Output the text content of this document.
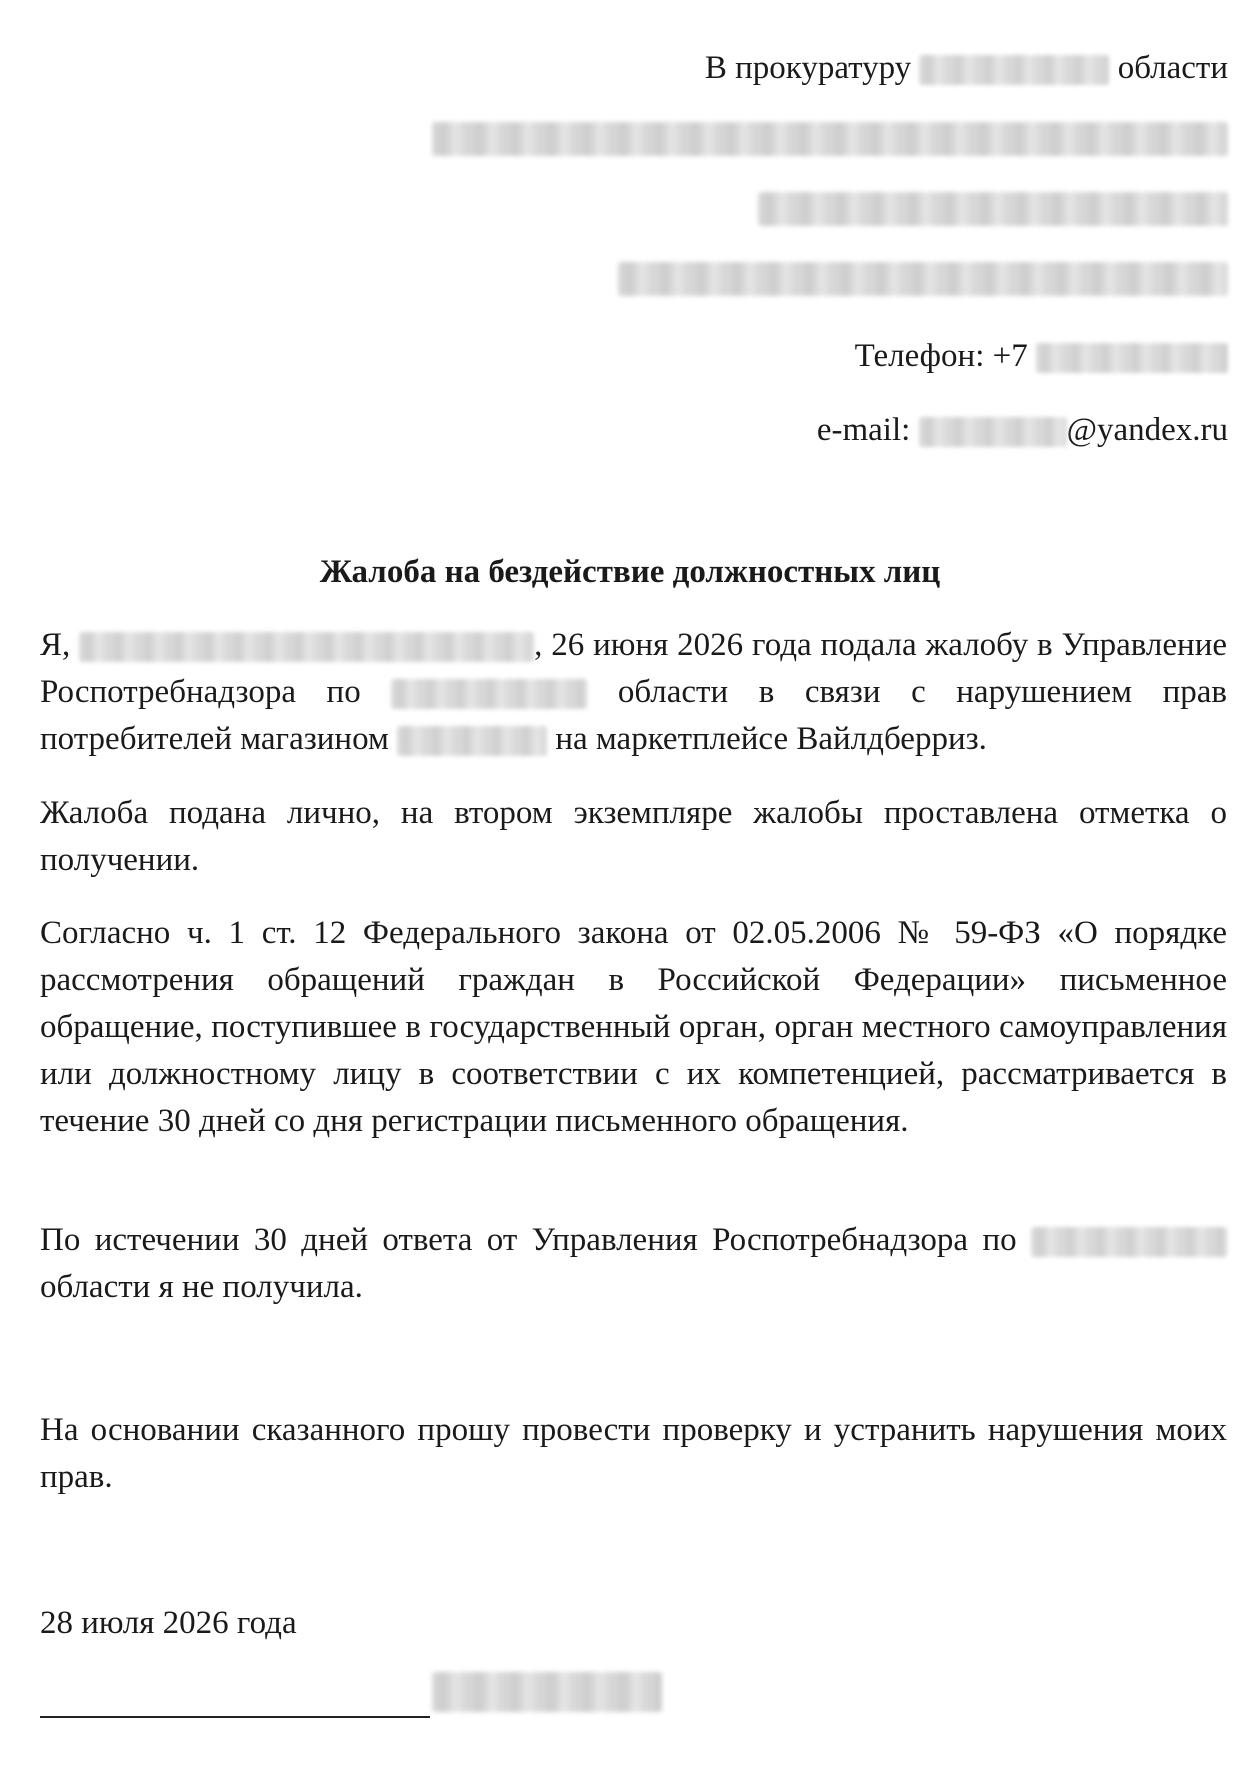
В прокуратуру	области
Телефон: +7
e-mail:	@yandex.ru
Жалоба на бездействие должностных лиц
Я,	, 26 июня 2026 года подала жалобу в Управление Роспотребнадзора по	области в связи с нарушением прав потребителей магазином	на маркетплейсе Вайлдберриз.
Жалоба подана лично, на втором экземпляре жалобы проставлена отметка о получении.
Согласно ч. 1 ст. 12 Федерального закона от 02.05.2006 № 59-ФЗ «О порядке рассмотрения обращений граждан в Российской Федерации» письменное обращение, поступившее в государственный орган, орган местного самоуправления или должностному лицу в соответствии с их компетенцией, рассматривается в течение 30 дней со дня регистрации письменного обращения.
По истечении 30 дней ответа от Управления Роспотребнадзора по  области я не получила.
На основании сказанного прошу провести проверку и устранить нарушения моих прав.
28 июля 2026 года
